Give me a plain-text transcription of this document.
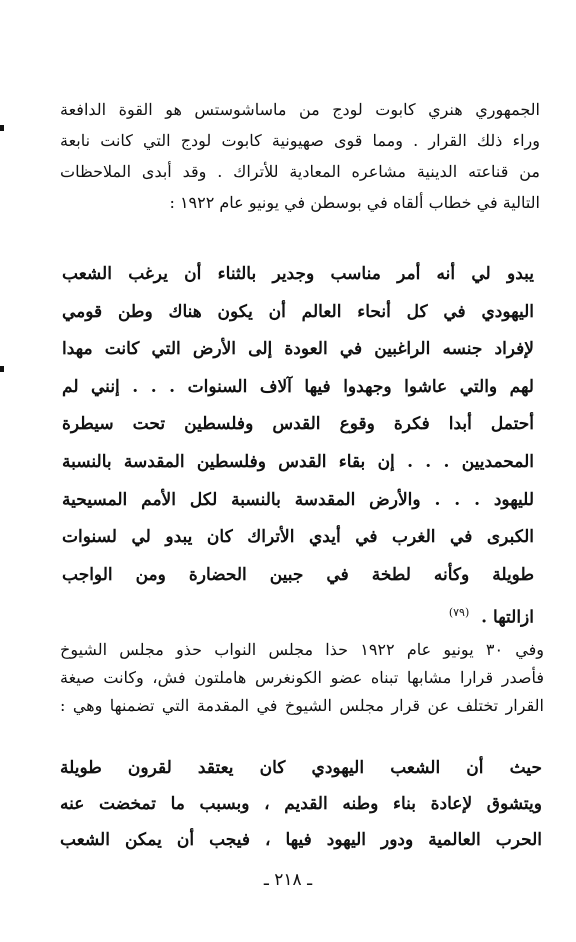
الجمهوري هنري كابوت لودج من ماساشوستس هو القوة الدافعة
وراء ذلك القرار . ومما قوى صهيونية كابوت لودج التي كانت نابعة
من قناعته الدينية مشاعره المعادية للأتراك . وقد أبدى الملاحظات
التالية في خطاب ألقاه في بوسطن في يونيو عام ١٩٢٢ :
يبدو لي أنه أمر مناسب وجدير بالثناء أن يرغب الشعب
اليهودي في كل أنحاء العالم أن يكون هناك وطن قومي
لإفراد جنسه الراغبين في العودة إلى الأرض التي كانت مهدا
لهم والتي عاشوا وجهدوا فيها آلاف السنوات . . . إنني لم
أحتمل أبدا فكرة وقوع القدس وفلسطين تحت سيطرة
المحمديين . . . إن بقاء القدس وفلسطين المقدسة بالنسبة
لليهود . . . والأرض المقدسة بالنسبة لكل الأمم المسيحية
الكبرى في الغرب في أيدي الأتراك كان يبدو لي لسنوات
طويلة وكأنه لطخة في جبين الحضارة ومن الواجب
ازالتها . $^{(٧٩)}$
وفي ٣٠ يونيو عام ١٩٢٢ حذا مجلس النواب حذو مجلس الشيوخ
فأصدر قرارا مشابها تبناه عضو الكونغرس هاملتون فش، وكانت صيغة
القرار تختلف عن قرار مجلس الشيوخ في المقدمة التي تضمنها وهي :
حيث أن الشعب اليهودي كان يعتقد لقرون طويلة
ويتشوق لإعادة بناء وطنه القديم ، وبسبب ما تمخضت عنه
الحرب العالمية ودور اليهود فيها ، فيجب أن يمكن الشعب
ـ ٢١٨ ـ
